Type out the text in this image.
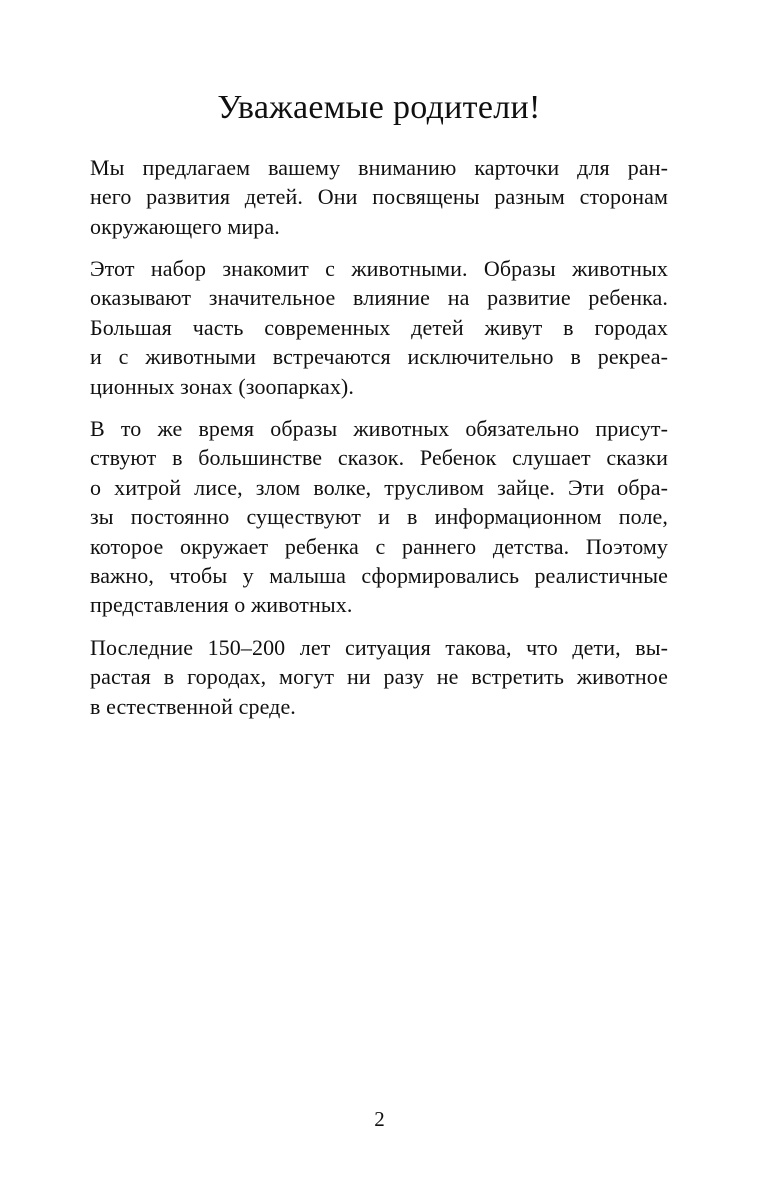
Уважаемые родители!
Мы предлагаем вашему вниманию карточки для ран-
него развития детей. Они посвящены разным сторонам
окружающего мира.
Этот набор знакомит с животными. Образы животных
оказывают значительное влияние на развитие ребенка.
Большая часть современных детей живут в городах
и с животными встречаются исключительно в рекреа-
ционных зонах (зоопарках).
В то же время образы животных обязательно присут-
ствуют в большинстве сказок. Ребенок слушает сказки
о хитрой лисе, злом волке, трусливом зайце. Эти обра-
зы постоянно существуют и в информационном поле,
которое окружает ребенка с раннего детства. Поэтому
важно, чтобы у малыша сформировались реалистичные
представления о животных.
Последние 150–200 лет ситуация такова, что дети, вы-
растая в городах, могут ни разу не встретить животное
в естественной среде.
2
